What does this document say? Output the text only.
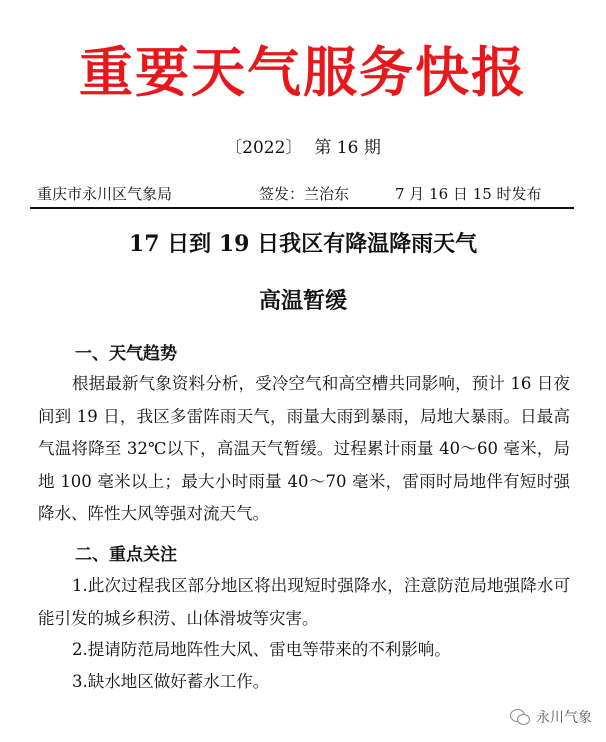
重要天气服务快报
〔2022〕 第 16 期
重庆市永川区气象局	签发：兰治东	7 月 16 日 15 时发布
17 日到 19 日我区有降温降雨天气
高温暂缓
一、天气趋势
根据最新气象资料分析，受冷空气和高空槽共同影响，预计 16 日夜间到 19 日，我区多雷阵雨天气，雨量大雨到暴雨，局地大暴雨。日最高气温将降至 32℃以下，高温天气暂缓。过程累计雨量 40～60 毫米，局地 100 毫米以上；最大小时雨量 40～70 毫米，雷雨时局地伴有短时强降水、阵性大风等强对流天气。
二、重点关注
1.此次过程我区部分地区将出现短时强降水，注意防范局地强降水可能引发的城乡积涝、山体滑坡等灾害。
2.提请防范局地阵性大风、雷电等带来的不利影响。
3.缺水地区做好蓄水工作。
永川气象
